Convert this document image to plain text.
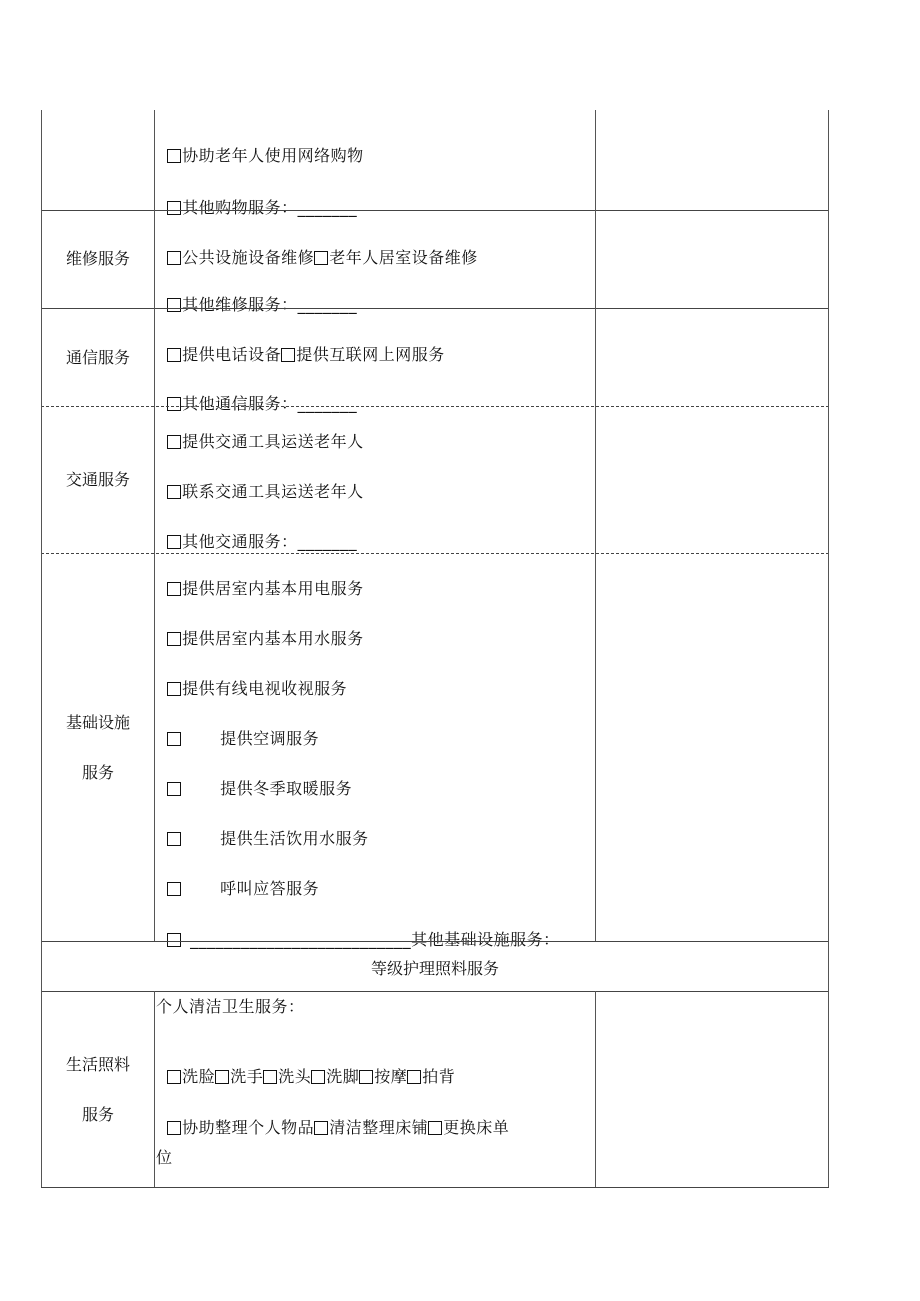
协助老年人使用网络购物

其他购物服务：_______

维修服务	公共设施设备维修 老年人居室设备维修

其他维修服务：_______

通信服务	提供电话设备 提供互联网上网服务

其他通信服务：_______

交通服务

提供交通工具运送老年人

联系交通工具运送老年人

其他交通服务：_______

基础设施
服务

提供居室内基本用电服务

提供居室内基本用水服务

提供有线电视收视服务

提供空调服务

提供冬季取暖服务

提供生活饮用水服务

呼叫应答服务

__________________________其他基础设施服务：

等级护理照料服务
生活照料
服务
个人清洁卫生服务：

洗脸 洗手 洗头 洗脚 按摩 拍背

协助整理个人物品 清洁整理床铺 更换床单

位
